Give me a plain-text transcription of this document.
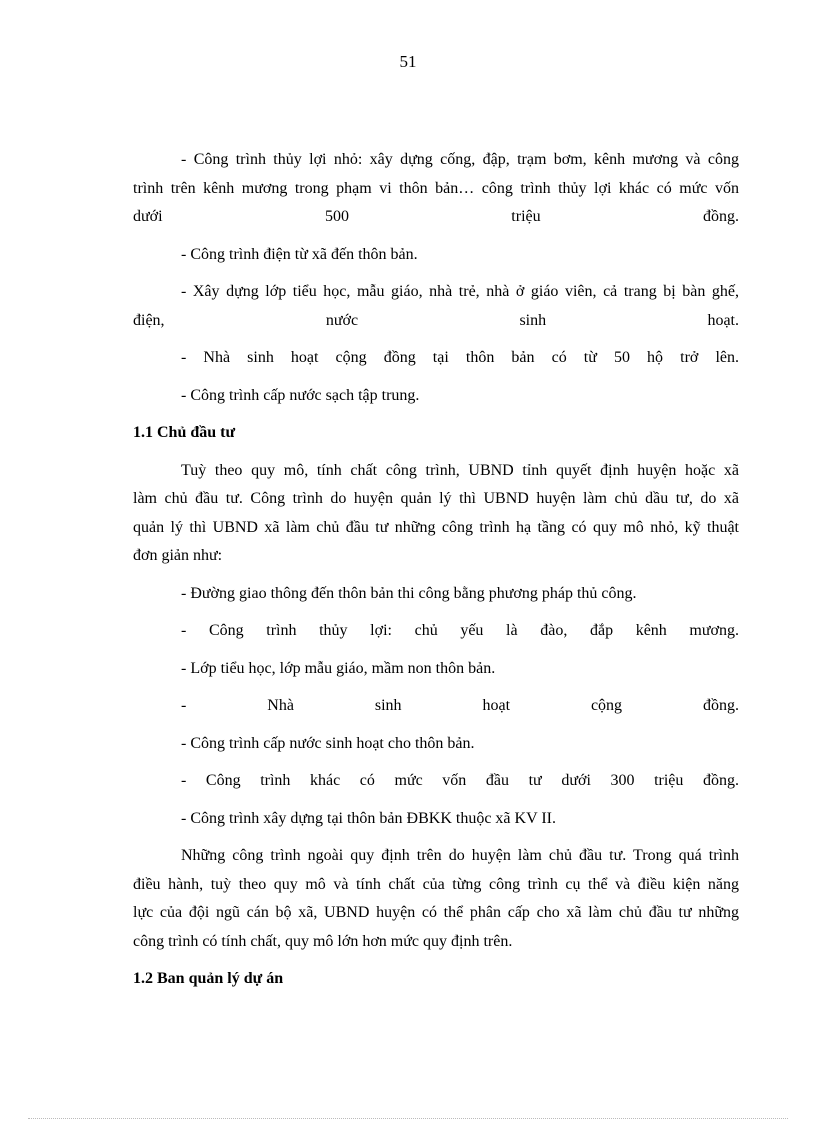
51
- Công trình thủy lợi nhỏ: xây dựng cống, đập, trạm bơm, kênh mương và công
trình trên kênh mương trong phạm vi thôn bản… công trình thủy lợi khác có mức vốn
dưới 500 triệu đồng.
- Công trình điện từ xã đến thôn bản.
- Xây dựng lớp tiểu học, mẫu giáo, nhà trẻ, nhà ở giáo viên, cả trang bị bàn ghế,
điện, nước sinh hoạt.
- Nhà sinh hoạt cộng đồng tại thôn bản có từ 50 hộ trở lên.
- Công trình cấp nước sạch tập trung.
1.1 Chủ đầu tư
Tuỳ theo quy mô, tính chất công trình, UBND tỉnh quyết định huyện hoặc xã
làm chủ đầu tư. Công trình do huyện quản lý thì UBND huyện làm chủ dầu tư, do xã
quản lý thì UBND xã làm chủ đầu tư những công trình hạ tầng có quy mô nhỏ, kỹ thuật
đơn giản như:
- Đường giao thông đến thôn bản thi công bằng phương pháp thủ công.
- Công trình thủy lợi: chủ yếu là đào, đắp kênh mương.
- Lớp tiểu học, lớp mẫu giáo, mầm non thôn bản.
- Nhà sinh hoạt cộng đồng.
- Công trình cấp nước sinh hoạt cho thôn bản.
- Công trình khác có mức vốn đầu tư dưới 300 triệu đồng.
- Công trình xây dựng tại thôn bản ĐBKK thuộc xã KV II.
Những công trình ngoài quy định trên do huyện làm chủ đầu tư. Trong quá trình
điều hành, tuỳ theo quy mô và tính chất của từng công trình cụ thể và điều kiện năng
lực của đội ngũ cán bộ xã, UBND huyện có thể phân cấp cho xã làm chủ đầu tư những
công trình có tính chất, quy mô lớn hơn mức quy định trên.
1.2 Ban quản lý dự án
